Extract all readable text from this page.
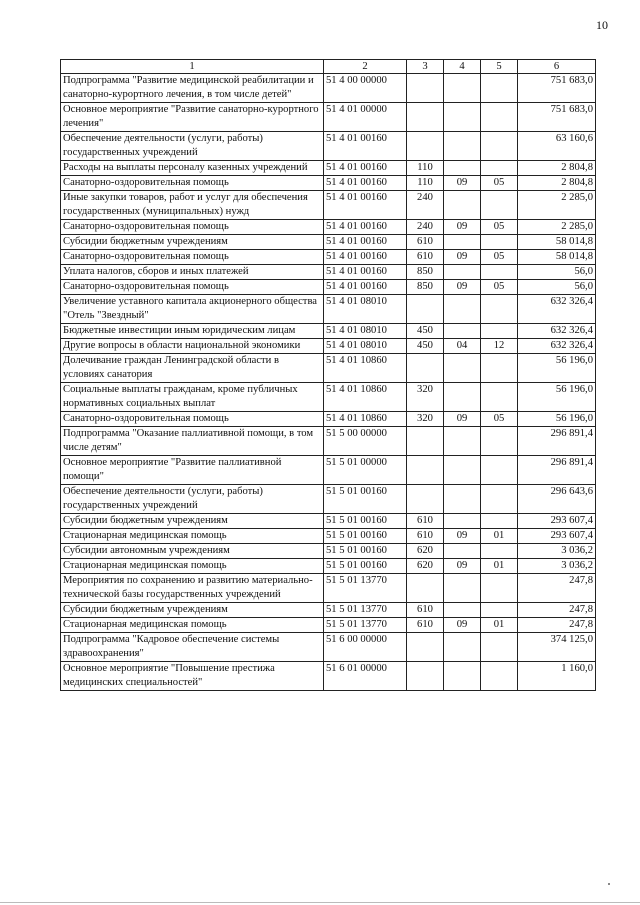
10
1	2	3	4	5	6
Подпрограмма "Развитие медицинской реабилитации и санаторно-курортного лечения, в том числе детей"	51 4 00 00000				751 683,0
Основное мероприятие "Развитие санаторно-курортного лечения"	51 4 01 00000				751 683,0
Обеспечение деятельности (услуги, работы) государственных учреждений	51 4 01 00160				63 160,6
Расходы на выплаты персоналу казенных учреждений	51 4 01 00160	110			2 804,8
Санаторно-оздоровительная помощь	51 4 01 00160	110	09	05	2 804,8
Иные закупки товаров, работ и услуг для обеспечения государственных (муниципальных) нужд	51 4 01 00160	240			2 285,0
Санаторно-оздоровительная помощь	51 4 01 00160	240	09	05	2 285,0
Субсидии бюджетным учреждениям	51 4 01 00160	610			58 014,8
Санаторно-оздоровительная помощь	51 4 01 00160	610	09	05	58 014,8
Уплата налогов, сборов и иных платежей	51 4 01 00160	850			56,0
Санаторно-оздоровительная помощь	51 4 01 00160	850	09	05	56,0
Увеличение уставного капитала акционерного общества "Отель "Звездный"	51 4 01 08010				632 326,4
Бюджетные инвестиции иным юридическим лицам	51 4 01 08010	450			632 326,4
Другие вопросы в области национальной экономики	51 4 01 08010	450	04	12	632 326,4
Долечивание граждан Ленинградской области в условиях санатория	51 4 01 10860				56 196,0
Социальные выплаты гражданам, кроме публичных нормативных социальных выплат	51 4 01 10860	320			56 196,0
Санаторно-оздоровительная помощь	51 4 01 10860	320	09	05	56 196,0
Подпрограмма "Оказание паллиативной помощи, в том числе детям"	51 5 00 00000				296 891,4
Основное мероприятие "Развитие паллиативной помощи"	51 5 01 00000				296 891,4
Обеспечение деятельности (услуги, работы) государственных учреждений	51 5 01 00160				296 643,6
Субсидии бюджетным учреждениям	51 5 01 00160	610			293 607,4
Стационарная медицинская помощь	51 5 01 00160	610	09	01	293 607,4
Субсидии автономным учреждениям	51 5 01 00160	620			3 036,2
Стационарная медицинская помощь	51 5 01 00160	620	09	01	3 036,2
Мероприятия по сохранению и развитию материально-технической базы государственных учреждений	51 5 01 13770				247,8
Субсидии бюджетным учреждениям	51 5 01 13770	610			247,8
Стационарная медицинская помощь	51 5 01 13770	610	09	01	247,8
Подпрограмма "Кадровое обеспечение системы здравоохранения"	51 6 00 00000				374 125,0
Основное мероприятие "Повышение престижа медицинских специальностей"	51 6 01 00000				1 160,0
